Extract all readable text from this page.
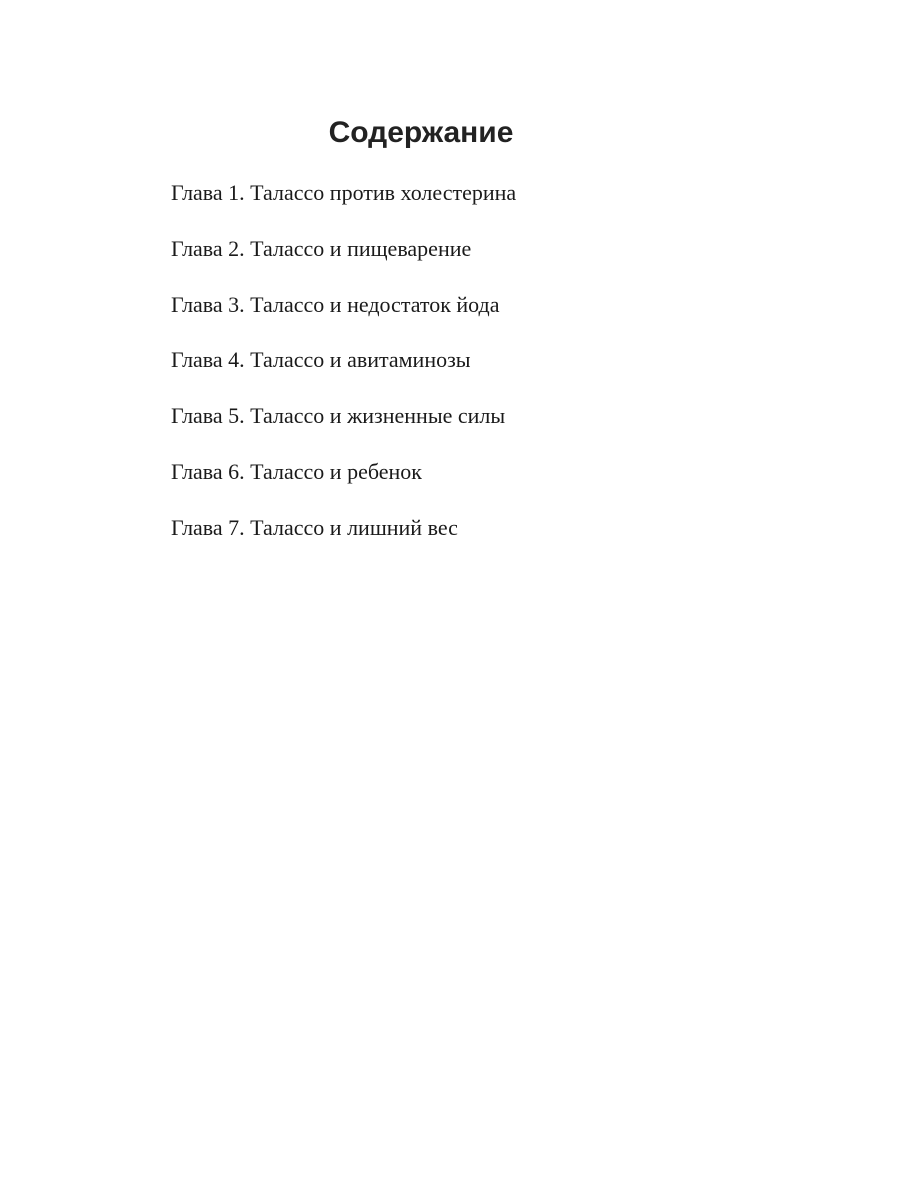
Содержание
Глава 1. Талассо против холестерина
Глава 2. Талассо и пищеварение
Глава 3. Талассо и недостаток йода
Глава 4. Талассо и авитаминозы
Глава 5. Талассо и жизненные силы
Глава 6. Талассо и ребенок
Глава 7. Талассо и лишний вес
